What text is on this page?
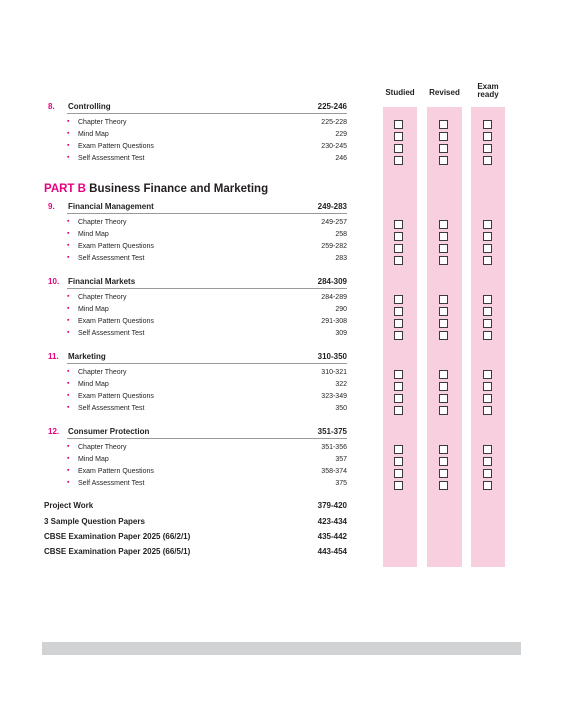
Studied	Revised
Exam
ready
PART B Business Finance and Marketing
8. Controlling	225-246
▪ Chapter Theory	225-228
▪ Mind Map	229
▪ Exam Pattern Questions	230-245
▪ Self Assessment Test	246
9. Financial Management	249-283
▪ Chapter Theory	249-257
▪ Mind Map	258
▪ Exam Pattern Questions	259-282
▪ Self Assessment Test	283
10. Financial Markets	284-309
▪ Chapter Theory	284-289
▪ Mind Map	290
▪ Exam Pattern Questions	291-308
▪ Self Assessment Test	309
11. Marketing	310-350
▪ Chapter Theory	310-321
▪ Mind Map	322
▪ Exam Pattern Questions	323-349
▪ Self Assessment Test	350
12. Consumer Protection	351-375
▪ Chapter Theory	351-356
▪ Mind Map	357
▪ Exam Pattern Questions	358-374
▪ Self Assessment Test	375
Project Work	379-420
3 Sample Question Papers	423-434
CBSE Examination Paper 2025 (66/2/1)	435-442
CBSE Examination Paper 2025 (66/5/1)	443-454
